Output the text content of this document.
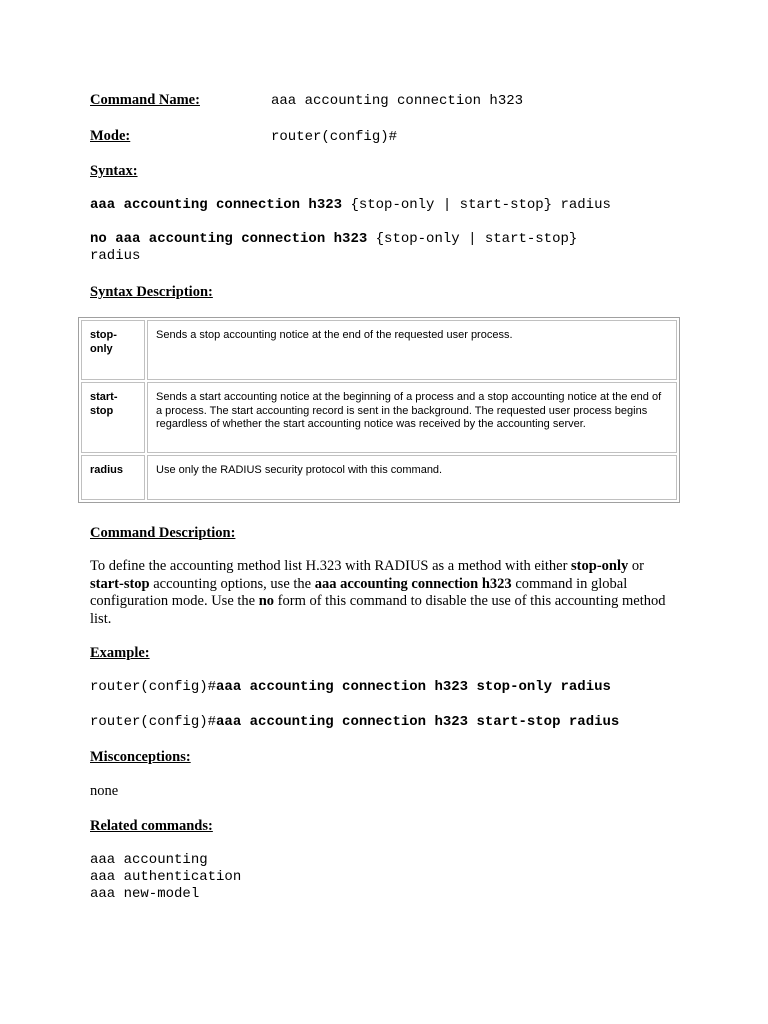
Command Name:	aaa accounting connection h323
Mode:	router(config)#
Syntax:
aaa accounting connection h323 {stop-only | start-stop} radius
no aaa accounting connection h323 {stop-only | start-stop}
radius
Syntax Description:
stop-only	Sends a stop accounting notice at the end of the requested user process.
start-stop	Sends a start accounting notice at the beginning of a process and a stop accounting notice at the end of a process. The start accounting record is sent in the background. The requested user process begins regardless of whether the start accounting notice was received by the accounting server.
radius	Use only the RADIUS security protocol with this command.
Command Description:
To define the accounting method list H.323 with RADIUS as a method with either stop-only or start-stop accounting options, use the aaa accounting connection h323 command in global configuration mode. Use the no form of this command to disable the use of this accounting method list.
Example:
router(config)#aaa accounting connection h323 stop-only radius
router(config)#aaa accounting connection h323 start-stop radius
Misconceptions:
none
Related commands:
aaa accounting
aaa authentication
aaa new-model
